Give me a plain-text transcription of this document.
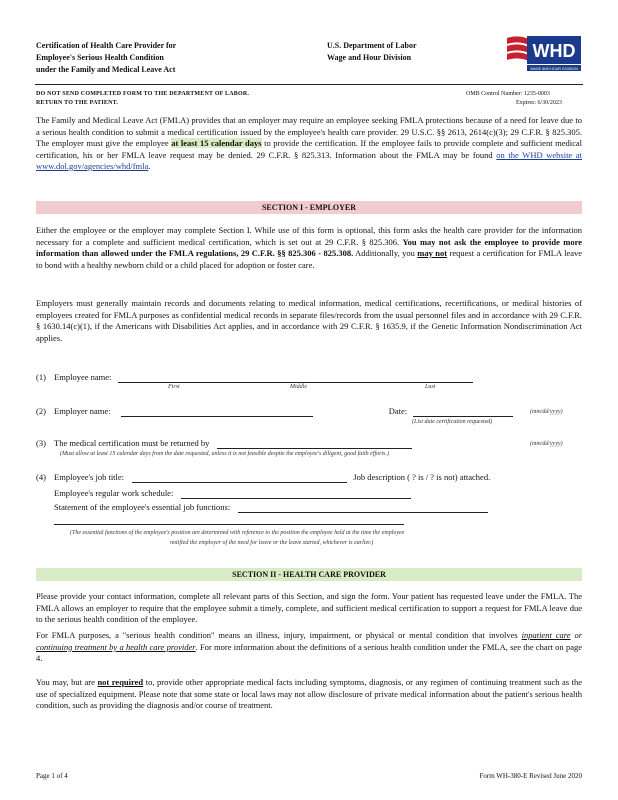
Certification of Health Care Provider for
Employee's Serious Health Condition
under the Family and Medical Leave Act
U.S. Department of Labor
Wage and Hour Division	WHD
WAGE AND HOUR DIVISION
DO NOT SEND COMPLETED FORM TO THE DEPARTMENT OF LABOR.
RETURN TO THE PATIENT.
OMB Control Number: 1235-0003
Expires: 6/30/2023
The Family and Medical Leave Act (FMLA) provides that an employer may require an employee seeking FMLA protections because of a need for leave due to a serious health condition to submit a medical certification issued by the employee's health care provider. 29 U.S.C. §§ 2613, 2614(c)(3); 29 C.F.R. § 825.305. The employer must give the employee at least 15 calendar days to provide the certification. If the employee fails to provide complete and sufficient medical certification, his or her FMLA leave request may be denied. 29 C.F.R. § 825.313. Information about the FMLA may be found on the WHD website at www.dol.gov/agencies/whd/fmla.
SECTION I - EMPLOYER
Either the employee or the employer may complete Section I. While use of this form is optional, this form asks the health care provider for the information necessary for a complete and sufficient medical certification, which is set out at 29 C.F.R. § 825.306. You may not ask the employee to provide more information than allowed under the FMLA regulations, 29 C.F.R. §§ 825.306 - 825.308. Additionally, you may not request a certification for FMLA leave to bond with a healthy newborn child or a child placed for adoption or foster care.
Employers must generally maintain records and documents relating to medical information, medical certifications, recertifications, or medical histories of employees created for FMLA purposes as confidential medical records in separate files/records from the usual personnel files and in accordance with 29 C.F.R. § 1630.14(c)(1), if the Americans with Disabilities Act applies, and in accordance with 29 C.F.R. § 1635.9, if the Genetic Information Nondiscrimination Act applies.
(1) Employee name:
First	Middle	Last
(2) Employer name:	Date:	(mm/dd/yyyy)
(List date certification requested)
(3) The medical certification must be returned by	(mm/dd/yyyy)
(Must allow at least 15 calendar days from the date requested, unless it is not feasible despite the employee's diligent, good faith efforts.)
(4) Employee's job title:	Job description ( ? is / ? is not) attached.
Employee's regular work schedule:
Statement of the employee's essential job functions:
(The essential functions of the employee's position are determined with reference to the position the employee held at the time the employee
notified the employer of the need for leave or the leave started, whichever is earlier.)
SECTION II - HEALTH CARE PROVIDER
Please provide your contact information, complete all relevant parts of this Section, and sign the form. Your patient has requested leave under the FMLA. The FMLA allows an employer to require that the employee submit a timely, complete, and sufficient medical certification to support a request for FMLA leave due to the serious health condition of the employee.
For FMLA purposes, a "serious health condition" means an illness, injury, impairment, or physical or mental condition that involves inpatient care or continuing treatment by a health care provider. For more information about the definitions of a serious health condition under the FMLA, see the chart on page 4.
You may, but are not required to, provide other appropriate medical facts including symptoms, diagnosis, or any regimen of continuing treatment such as the use of specialized equipment. Please note that some state or local laws may not allow disclosure of private medical information about the patient's serious health condition, such as providing the diagnosis and/or course of treatment.
Page 1 of 4	Form WH-380-E Revised June 2020
